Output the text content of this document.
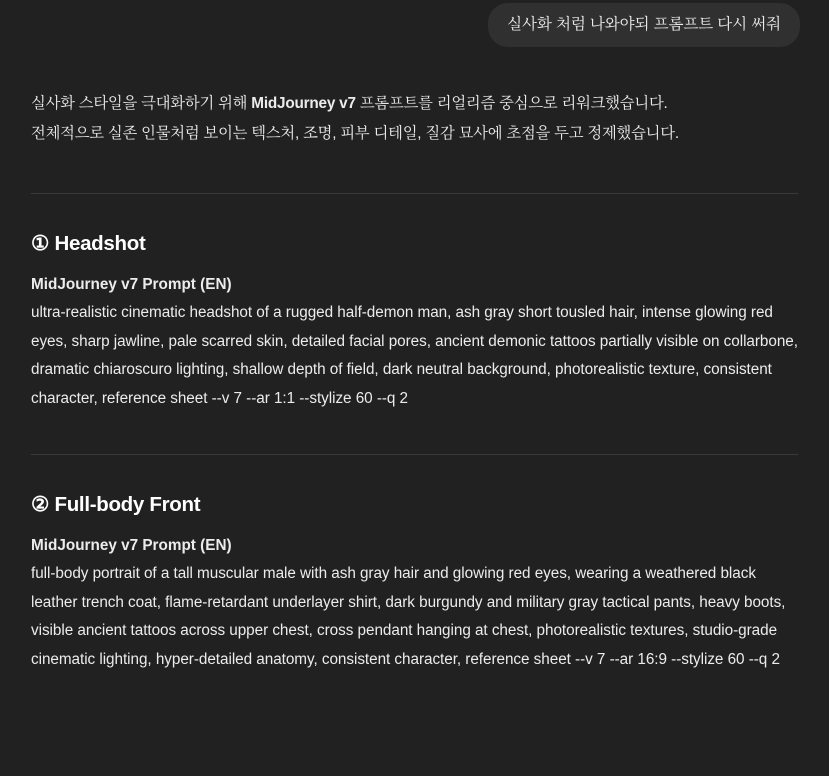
실사화 처럼 나와야되 프롬프트 다시 써줘

실사화 스타일을 극대화하기 위해 MidJourney v7 프롬프트를 리얼리즘 중심으로 리워크했습니다.

전체적으로 실존 인물처럼 보이는 텍스처, 조명, 피부 디테일, 질감 묘사에 초점을 두고 정제했습니다.

① Headshot
MidJourney v7 Prompt (EN)
ultra-realistic cinematic headshot of a rugged half-demon man, ash gray short tousled hair, intense glowing red eyes, sharp jawline, pale scarred skin, detailed facial pores, ancient demonic tattoos partially visible on collarbone, dramatic chiaroscuro lighting, shallow depth of field, dark neutral background, photorealistic texture, consistent character, reference sheet --v 7 --ar 1:1 --stylize 60 --q 2
② Full-body Front
MidJourney v7 Prompt (EN)
full-body portrait of a tall muscular male with ash gray hair and glowing red eyes, wearing a weathered black leather trench coat, flame-retardant underlayer shirt, dark burgundy and military gray tactical pants, heavy boots, visible ancient tattoos across upper chest, cross pendant hanging at chest, photorealistic textures, studio-grade cinematic lighting, hyper-detailed anatomy, consistent character, reference sheet --v 7 --ar 16:9 --stylize 60 --q 2
